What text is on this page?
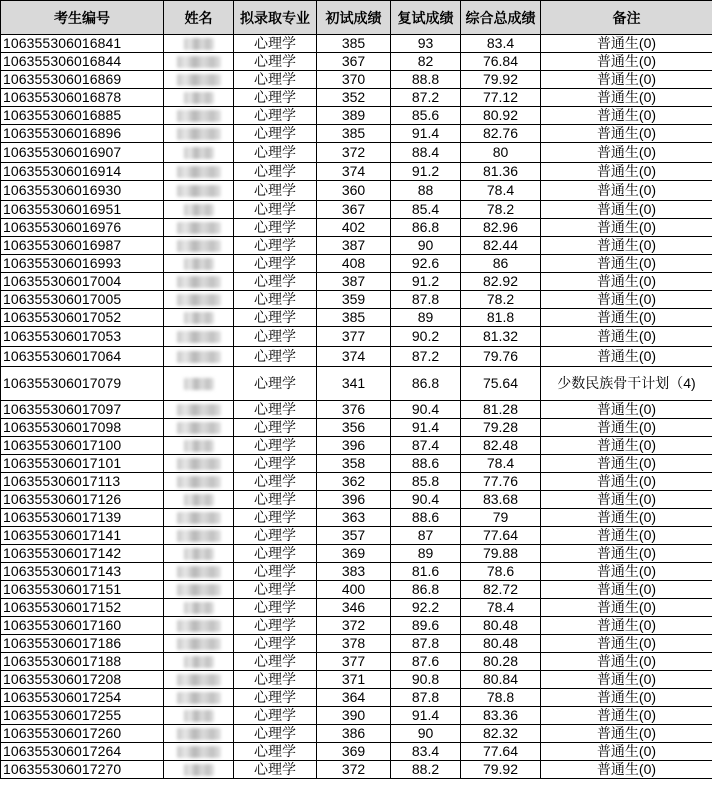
考生编号	姓名	拟录取专业	初试成绩	复试成绩	综合总成绩	备注
106355306016841		心理学	385	93	83.4	普通生(0)
106355306016844		心理学	367	82	76.84	普通生(0)
106355306016869		心理学	370	88.8	79.92	普通生(0)
106355306016878		心理学	352	87.2	77.12	普通生(0)
106355306016885		心理学	389	85.6	80.92	普通生(0)
106355306016896		心理学	385	91.4	82.76	普通生(0)
106355306016907		心理学	372	88.4	80	普通生(0)
106355306016914		心理学	374	91.2	81.36	普通生(0)
106355306016930		心理学	360	88	78.4	普通生(0)
106355306016951		心理学	367	85.4	78.2	普通生(0)
106355306016976		心理学	402	86.8	82.96	普通生(0)
106355306016987		心理学	387	90	82.44	普通生(0)
106355306016993		心理学	408	92.6	86	普通生(0)
106355306017004		心理学	387	91.2	82.92	普通生(0)
106355306017005		心理学	359	87.8	78.2	普通生(0)
106355306017052		心理学	385	89	81.8	普通生(0)
106355306017053		心理学	377	90.2	81.32	普通生(0)
106355306017064		心理学	374	87.2	79.76	普通生(0)
106355306017079		心理学	341	86.8	75.64	少数民族骨干计划（4)
106355306017097		心理学	376	90.4	81.28	普通生(0)
106355306017098		心理学	356	91.4	79.28	普通生(0)
106355306017100		心理学	396	87.4	82.48	普通生(0)
106355306017101		心理学	358	88.6	78.4	普通生(0)
106355306017113		心理学	362	85.8	77.76	普通生(0)
106355306017126		心理学	396	90.4	83.68	普通生(0)
106355306017139		心理学	363	88.6	79	普通生(0)
106355306017141		心理学	357	87	77.64	普通生(0)
106355306017142		心理学	369	89	79.88	普通生(0)
106355306017143		心理学	383	81.6	78.6	普通生(0)
106355306017151		心理学	400	86.8	82.72	普通生(0)
106355306017152		心理学	346	92.2	78.4	普通生(0)
106355306017160		心理学	372	89.6	80.48	普通生(0)
106355306017186		心理学	378	87.8	80.48	普通生(0)
106355306017188		心理学	377	87.6	80.28	普通生(0)
106355306017208		心理学	371	90.8	80.84	普通生(0)
106355306017254		心理学	364	87.8	78.8	普通生(0)
106355306017255		心理学	390	91.4	83.36	普通生(0)
106355306017260		心理学	386	90	82.32	普通生(0)
106355306017264		心理学	369	83.4	77.64	普通生(0)
106355306017270		心理学	372	88.2	79.92	普通生(0)
